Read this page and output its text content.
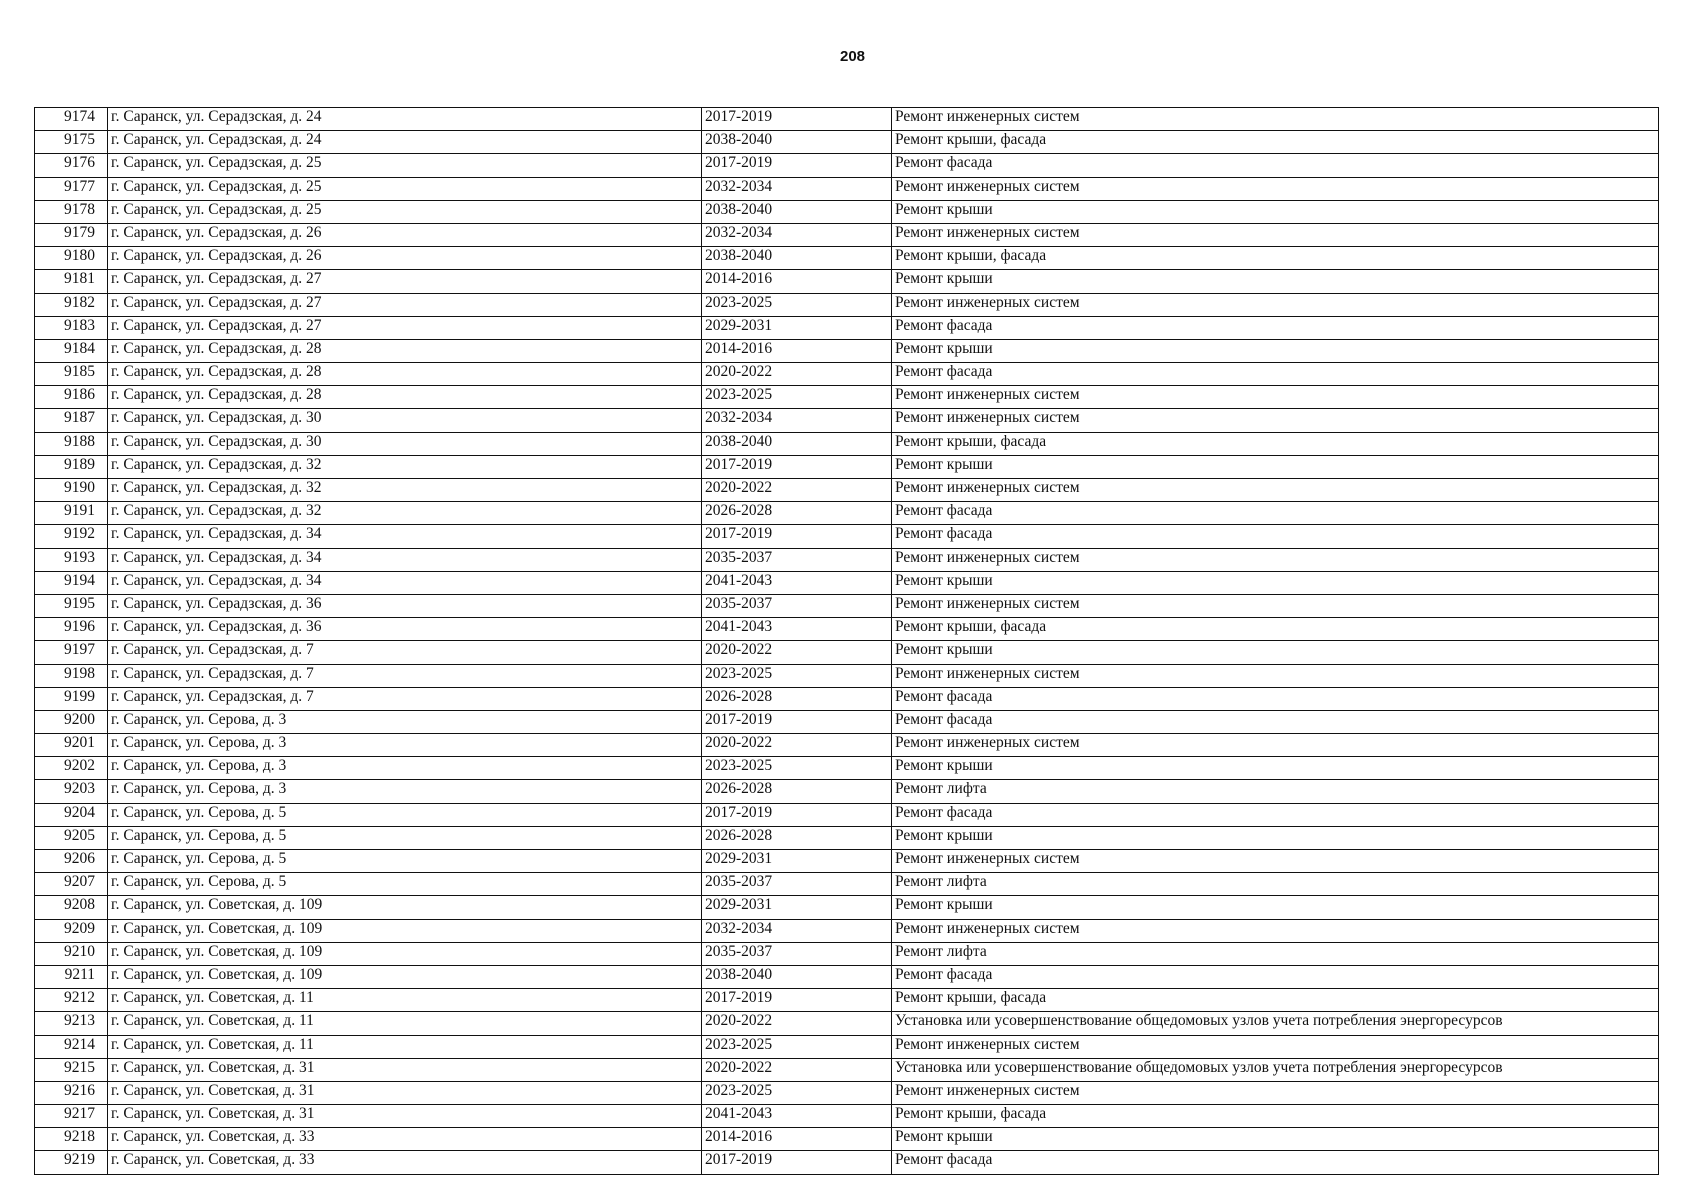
208
9174	г. Саранск, ул. Серадзская, д. 24	2017-2019	Ремонт инженерных систем
9175	г. Саранск, ул. Серадзская, д. 24	2038-2040	Ремонт крыши, фасада
9176	г. Саранск, ул. Серадзская, д. 25	2017-2019	Ремонт фасада
9177	г. Саранск, ул. Серадзская, д. 25	2032-2034	Ремонт инженерных систем
9178	г. Саранск, ул. Серадзская, д. 25	2038-2040	Ремонт крыши
9179	г. Саранск, ул. Серадзская, д. 26	2032-2034	Ремонт инженерных систем
9180	г. Саранск, ул. Серадзская, д. 26	2038-2040	Ремонт крыши, фасада
9181	г. Саранск, ул. Серадзская, д. 27	2014-2016	Ремонт крыши
9182	г. Саранск, ул. Серадзская, д. 27	2023-2025	Ремонт инженерных систем
9183	г. Саранск, ул. Серадзская, д. 27	2029-2031	Ремонт фасада
9184	г. Саранск, ул. Серадзская, д. 28	2014-2016	Ремонт крыши
9185	г. Саранск, ул. Серадзская, д. 28	2020-2022	Ремонт фасада
9186	г. Саранск, ул. Серадзская, д. 28	2023-2025	Ремонт инженерных систем
9187	г. Саранск, ул. Серадзская, д. 30	2032-2034	Ремонт инженерных систем
9188	г. Саранск, ул. Серадзская, д. 30	2038-2040	Ремонт крыши, фасада
9189	г. Саранск, ул. Серадзская, д. 32	2017-2019	Ремонт крыши
9190	г. Саранск, ул. Серадзская, д. 32	2020-2022	Ремонт инженерных систем
9191	г. Саранск, ул. Серадзская, д. 32	2026-2028	Ремонт фасада
9192	г. Саранск, ул. Серадзская, д. 34	2017-2019	Ремонт фасада
9193	г. Саранск, ул. Серадзская, д. 34	2035-2037	Ремонт инженерных систем
9194	г. Саранск, ул. Серадзская, д. 34	2041-2043	Ремонт крыши
9195	г. Саранск, ул. Серадзская, д. 36	2035-2037	Ремонт инженерных систем
9196	г. Саранск, ул. Серадзская, д. 36	2041-2043	Ремонт крыши, фасада
9197	г. Саранск, ул. Серадзская, д. 7	2020-2022	Ремонт крыши
9198	г. Саранск, ул. Серадзская, д. 7	2023-2025	Ремонт инженерных систем
9199	г. Саранск, ул. Серадзская, д. 7	2026-2028	Ремонт фасада
9200	г. Саранск, ул. Серова, д. 3	2017-2019	Ремонт фасада
9201	г. Саранск, ул. Серова, д. 3	2020-2022	Ремонт инженерных систем
9202	г. Саранск, ул. Серова, д. 3	2023-2025	Ремонт крыши
9203	г. Саранск, ул. Серова, д. 3	2026-2028	Ремонт лифта
9204	г. Саранск, ул. Серова, д. 5	2017-2019	Ремонт фасада
9205	г. Саранск, ул. Серова, д. 5	2026-2028	Ремонт крыши
9206	г. Саранск, ул. Серова, д. 5	2029-2031	Ремонт инженерных систем
9207	г. Саранск, ул. Серова, д. 5	2035-2037	Ремонт лифта
9208	г. Саранск, ул. Советская, д. 109	2029-2031	Ремонт крыши
9209	г. Саранск, ул. Советская, д. 109	2032-2034	Ремонт инженерных систем
9210	г. Саранск, ул. Советская, д. 109	2035-2037	Ремонт лифта
9211	г. Саранск, ул. Советская, д. 109	2038-2040	Ремонт фасада
9212	г. Саранск, ул. Советская, д. 11	2017-2019	Ремонт крыши, фасада
9213	г. Саранск, ул. Советская, д. 11	2020-2022	Установка или усовершенствование общедомовых узлов учета потребления энергоресурсов
9214	г. Саранск, ул. Советская, д. 11	2023-2025	Ремонт инженерных систем
9215	г. Саранск, ул. Советская, д. 31	2020-2022	Установка или усовершенствование общедомовых узлов учета потребления энергоресурсов
9216	г. Саранск, ул. Советская, д. 31	2023-2025	Ремонт инженерных систем
9217	г. Саранск, ул. Советская, д. 31	2041-2043	Ремонт крыши, фасада
9218	г. Саранск, ул. Советская, д. 33	2014-2016	Ремонт крыши
9219	г. Саранск, ул. Советская, д. 33	2017-2019	Ремонт фасада
